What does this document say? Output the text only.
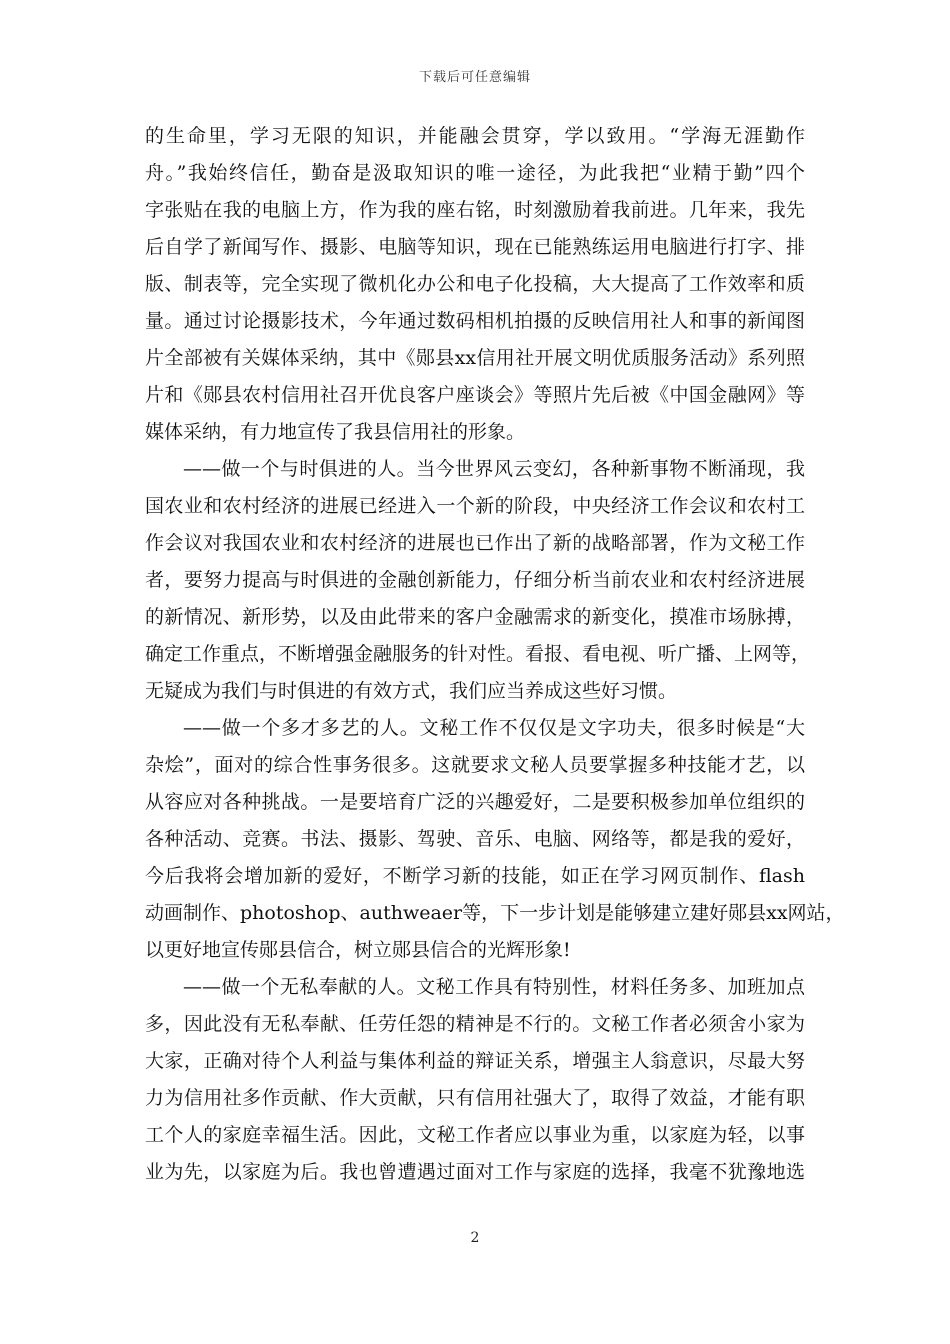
下载后可任意编辑
的生命里，学习无限的知识，并能融会贯穿，学以致用。“学海无涯勤作
舟。”我始终信任，勤奋是汲取知识的唯一途径，为此我把“业精于勤”四个
字张贴在我的电脑上方，作为我的座右铭，时刻激励着我前进。几年来，我先
后自学了新闻写作、摄影、电脑等知识，现在已能熟练运用电脑进行打字、排
版、制表等，完全实现了微机化办公和电子化投稿，大大提高了工作效率和质
量。通过讨论摄影技术，今年通过数码相机拍摄的反映信用社人和事的新闻图
片全部被有关媒体采纳，其中《郧县xx信用社开展文明优质服务活动》系列照
片和《郧县农村信用社召开优良客户座谈会》等照片先后被《中国金融网》等
媒体采纳，有力地宣传了我县信用社的形象。
——做一个与时俱进的人。当今世界风云变幻，各种新事物不断涌现，我
国农业和农村经济的进展已经进入一个新的阶段，中央经济工作会议和农村工
作会议对我国农业和农村经济的进展也已作出了新的战略部署，作为文秘工作
者，要努力提高与时俱进的金融创新能力，仔细分析当前农业和农村经济进展
的新情况、新形势，以及由此带来的客户金融需求的新变化，摸准市场脉搏，
确定工作重点，不断增强金融服务的针对性。看报、看电视、听广播、上网等，
无疑成为我们与时俱进的有效方式，我们应当养成这些好习惯。
——做一个多才多艺的人。文秘工作不仅仅是文字功夫，很多时候是“大
杂烩”，面对的综合性事务很多。这就要求文秘人员要掌握多种技能才艺，以
从容应对各种挑战。一是要培育广泛的兴趣爱好，二是要积极参加单位组织的
各种活动、竞赛。书法、摄影、驾驶、音乐、电脑、网络等，都是我的爱好，
今后我将会增加新的爱好，不断学习新的技能，如正在学习网页制作、flash
动画制作、photoshop、authweaer等，下一步计划是能够建立建好郧县xx网站，
以更好地宣传郧县信合，树立郧县信合的光辉形象!
——做一个无私奉献的人。文秘工作具有特别性，材料任务多、加班加点
多，因此没有无私奉献、任劳任怨的精神是不行的。文秘工作者必须舍小家为
大家，正确对待个人利益与集体利益的辩证关系，增强主人翁意识，尽最大努
力为信用社多作贡献、作大贡献，只有信用社强大了，取得了效益，才能有职
工个人的家庭幸福生活。因此，文秘工作者应以事业为重，以家庭为轻，以事
业为先，以家庭为后。我也曾遭遇过面对工作与家庭的选择，我毫不犹豫地选
2
